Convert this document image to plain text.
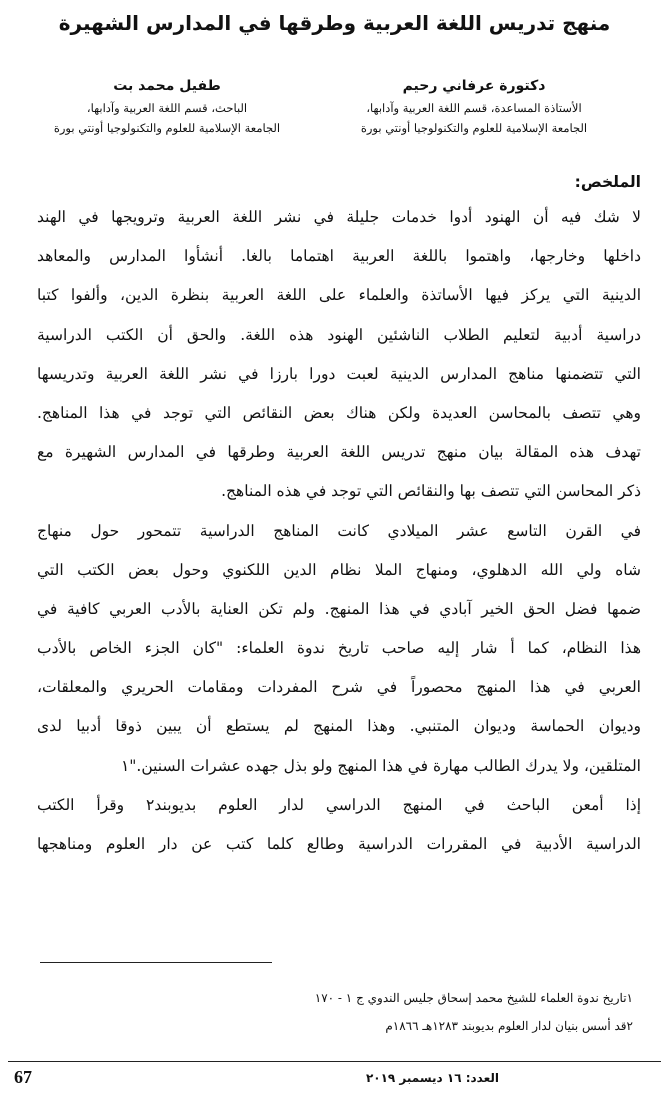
منهج تدريس اللغة العربية وطرقها في المدارس الشهيرة
دكتورة عرفاني رحيم
الأستاذة المساعدة، قسم اللغة العربية وآدابها،
الجامعة الإسلامية للعلوم والتكنولوجيا أونتي بورة
طفيل محمد بت
الباحث، قسم اللغة العربية وآدابها،
الجامعة الإسلامية للعلوم والتكنولوجيا أونتي بورة
الملخص:
لا شك فيه أن الهنود أدوا خدمات جليلة في نشر اللغة العربية وترويجها في الهند
داخلها وخارجها، واهتموا باللغة العربية اهتماما بالغا. أنشأوا المدارس والمعاهد
الدينية التي يركز فيها الأساتذة والعلماء على اللغة العربية بنظرة الدين، وألفوا كتبا
دراسية أدبية لتعليم الطلاب الناشئين الهنود هذه اللغة. والحق أن الكتب الدراسية
التي تتضمنها مناهج المدارس الدينية لعبت دورا بارزا في نشر اللغة العربية وتدريسها
وهي تتصف بالمحاسن العديدة ولكن هناك بعض النقائص التي توجد في هذا المناهج.
تهدف هذه المقالة بيان منهج تدريس اللغة العربية وطرقها في المدارس الشهيرة مع
ذكر المحاسن التي تتصف بها والنقائص التي توجد في هذه المناهج.
في القرن التاسع عشر الميلادي كانت المناهج الدراسية تتمحور حول منهاج
شاه ولي الله الدهلوي، ومنهاج الملا نظام الدين اللكنوي وحول بعض الكتب التي
ضمها فضل الحق الخير آبادي في هذا المنهج. ولم تكن العناية بالأدب العربي كافية في
هذا النظام، كما أ شار إليه صاحب تاريخ ندوة العلماء: "كان الجزء الخاص بالأدب
العربي في هذا المنهج محصوراً في شرح المفردات ومقامات الحريري والمعلقات،
وديوان الحماسة وديوان المتنبي. وهذا المنهج لم يستطع أن يبين ذوقا أدبيا لدى
المتلقين، ولا يدرك الطالب مهارة في هذا المنهج ولو بذل جهده عشرات السنين."١
إذا أمعن الباحث في المنهج الدراسي لدار العلوم بديوبند٢ وقرأ الكتب
الدراسية الأدبية في المقررات الدراسية وطالع كلما كتب عن دار العلوم ومناهجها
١تاريخ ندوة العلماء للشيخ محمد إسحاق جليس الندوي ج ١ - ١٧٠
٢قد أسس بنيان لدار العلوم بديوبند ١٢٨٣هـ ١٨٦٦م
67	العدد: ١٦ ديسمبر ٢٠١٩
